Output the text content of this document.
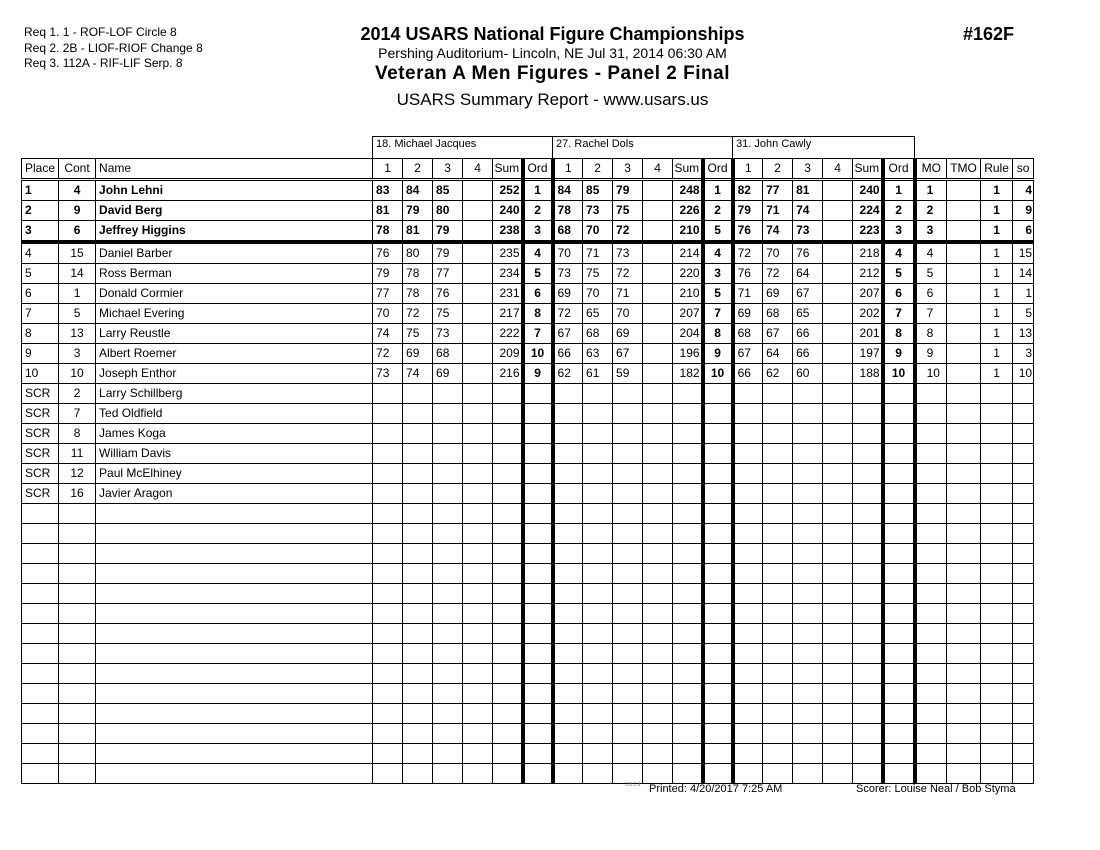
Req 1. 1 - ROF-LOF Circle 8
Req 2. 2B - LIOF-RIOF Change 8
Req 3. 112A - RIF-LIF Serp. 8
2014 USARS National Figure Championships
Pershing Auditorium- Lincoln, NE Jul 31, 2014 06:30 AM
Veteran A Men Figures - Panel 2 Final
USARS Summary Report - www.usars.us
#162F
			18. Michael Jacques						27. Rachel Dols						31. John Cawly									
Place	Cont	Name	1	2	3	4	Sum	Ord	1	2	3	4	Sum	Ord	1	2	3	4	Sum	Ord	MO	TMO	Rule	so
1	4	John Lehni	83	84	85		252	1	84	85	79		248	1	82	77	81		240	1	1		1	4
2	9	David Berg	81	79	80		240	2	78	73	75		226	2	79	71	74		224	2	2		1	9
3	6	Jeffrey Higgins	78	81	79		238	3	68	70	72		210	5	76	74	73		223	3	3		1	6
4	15	Daniel Barber	76	80	79		235	4	70	71	73		214	4	72	70	76		218	4	4		1	15
5	14	Ross Berman	79	78	77		234	5	73	75	72		220	3	76	72	64		212	5	5		1	14
6	1	Donald Cormier	77	78	76		231	6	69	70	71		210	5	71	69	67		207	6	6		1	1
7	5	Michael Evering	70	72	75		217	8	72	65	70		207	7	69	68	65		202	7	7		1	5
8	13	Larry Reustle	74	75	73		222	7	67	68	69		204	8	68	67	66		201	8	8		1	13
9	3	Albert Roemer	72	69	68		209	10	66	63	67		196	9	67	64	66		197	9	9		1	3
10	10	Joseph Enthor	73	74	69		216	9	62	61	59		182	10	66	62	60		188	10	10		1	10
SCR	2	Larry Schillberg																						
SCR	7	Ted Oldfield																						
SCR	8	James Koga																						
SCR	11	William Davis																						
SCR	12	Paul McElhiney																						
SCR	16	Javier Aragon																						

3.8.1.8 Printed: 4/20/2017 7:25 AM	Scorer: Louise Neal / Bob Styma
